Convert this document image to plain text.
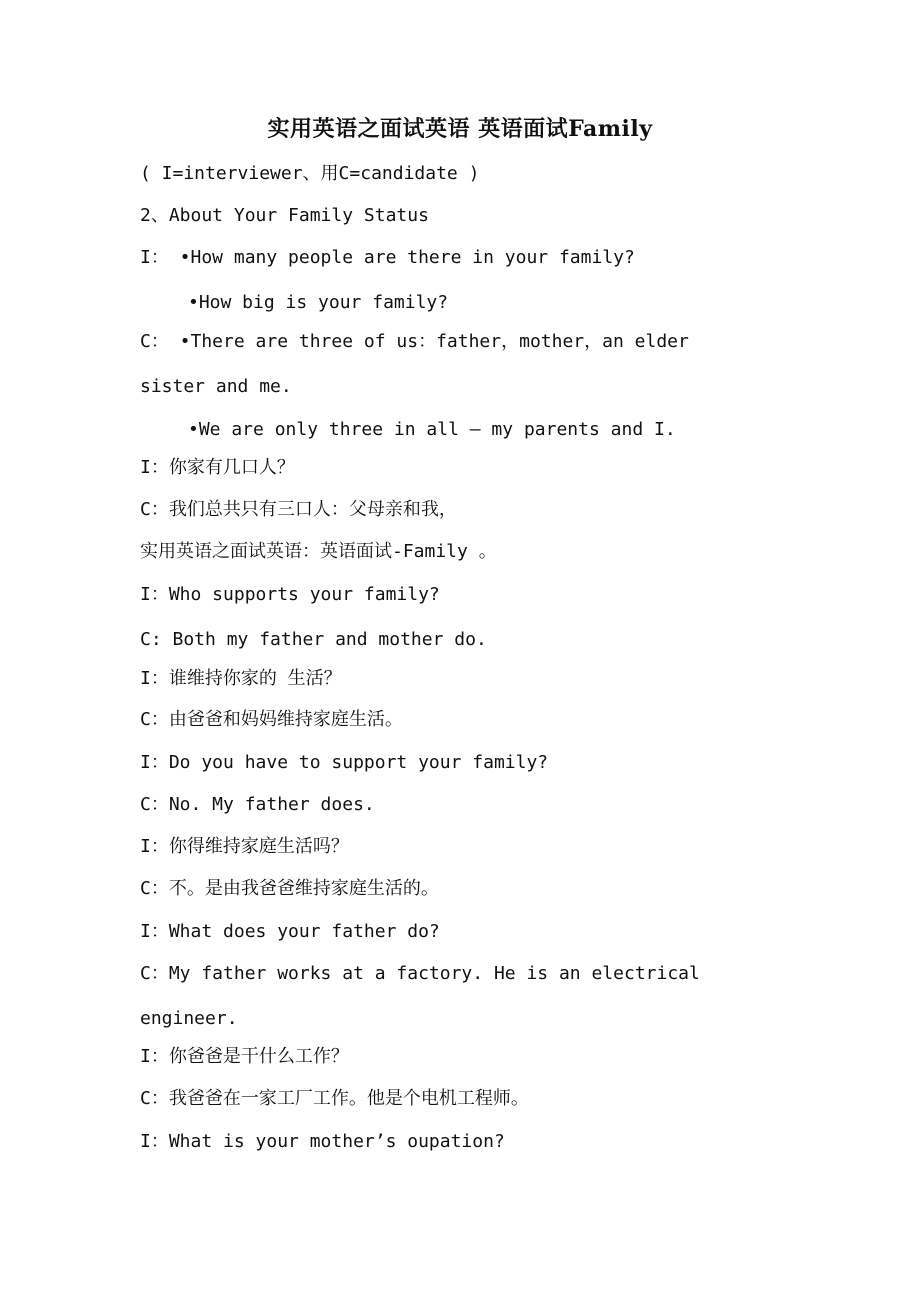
实用英语之面试英语 英语面试Family
( I=interviewer、用C=candidate )
2、About Your Family Status
I： •How many people are there in your family?
•How big is your family?
C： •There are three of us：father，mother，an elder
sister and me.
•We are only three in all — my parents and I.
I：你家有几口人？
C：我们总共只有三口人：父母亲和我，
实用英语之面试英语：英语面试-Family 。
I：Who supports your family?
C: Both my father and mother do.
I：谁维持你家的 生活？
C：由爸爸和妈妈维持家庭生活。
I：Do you have to support your family?
C：No. My father does.
I：你得维持家庭生活吗？
C：不。是由我爸爸维持家庭生活的。
I：What does your father do?
C：My father works at a factory. He is an electrical
engineer.
I：你爸爸是干什么工作？
C：我爸爸在一家工厂工作。他是个电机工程师。
I：What is your mother’s oupation?
